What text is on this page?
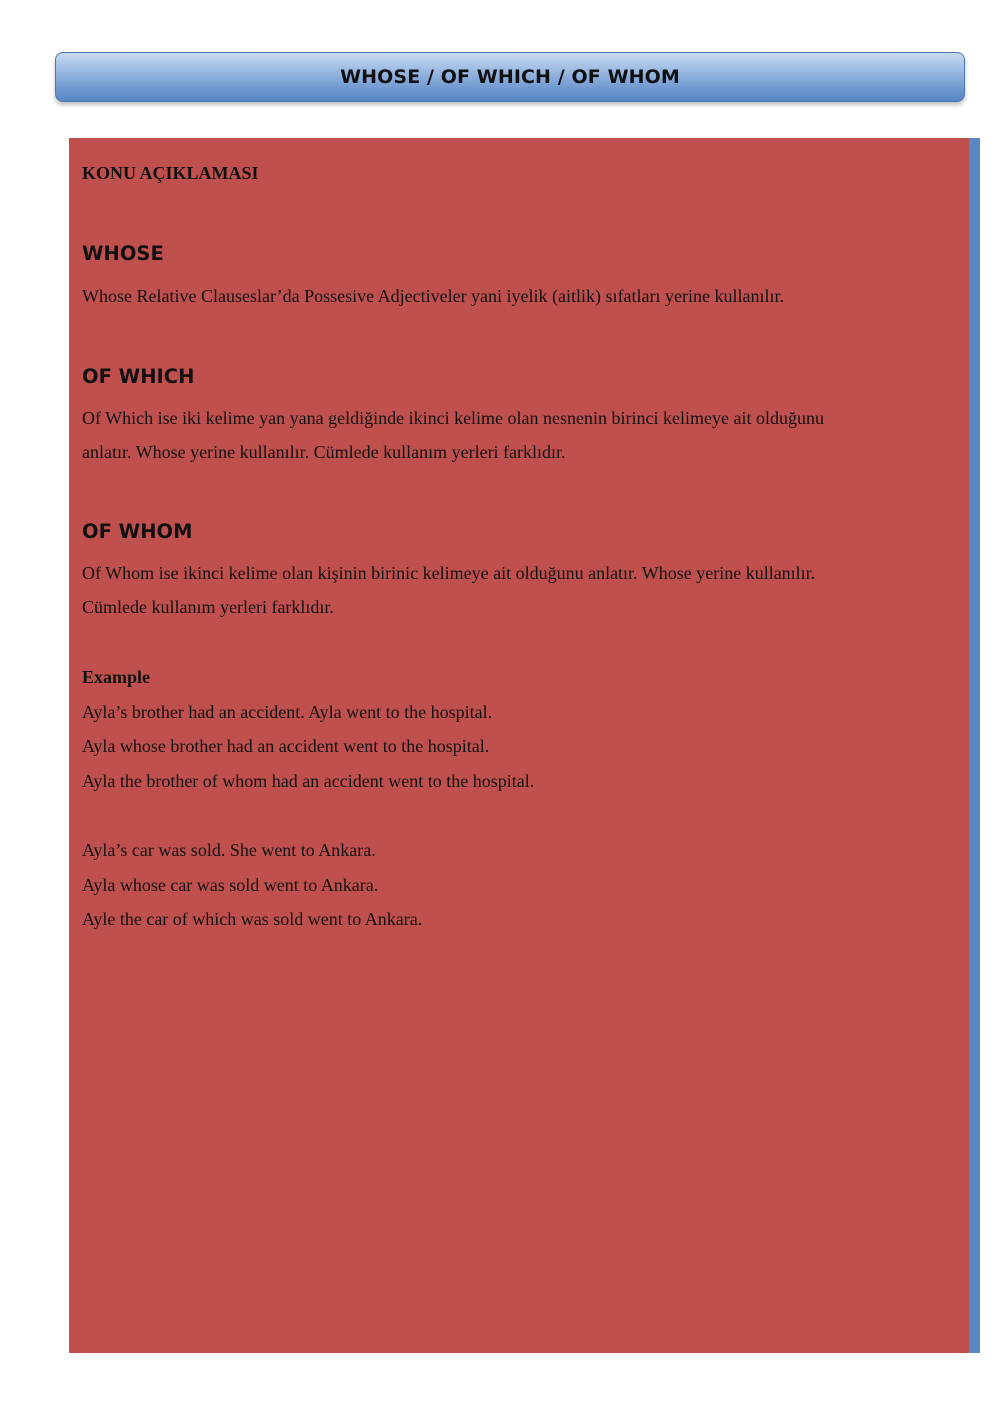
WHOSE / OF WHICH / OF WHOM
KONU AÇIKLAMASI
WHOSE
Whose Relative Clauseslar’da Possesive Adjectiveler yani iyelik (aitlik) sıfatları yerine kullanılır.
OF WHICH
Of Which ise iki kelime yan yana geldiğinde ikinci kelime olan nesnenin birinci kelimeye ait olduğunu
anlatır. Whose yerine kullanılır. Cümlede kullanım yerleri farklıdır.
OF WHOM
Of Whom ise ikinci kelime olan kişinin birinic kelimeye ait olduğunu anlatır. Whose yerine kullanılır.
Cümlede kullanım yerleri farklıdır.
Example
Ayla’s brother had an accident. Ayla went to the hospital.
Ayla whose brother had an accident went to the hospital.
Ayla the brother of whom had an accident went to the hospital.
Ayla’s car was sold. She went to Ankara.
Ayla whose car was sold went to Ankara.
Ayle the car of which was sold went to Ankara.
